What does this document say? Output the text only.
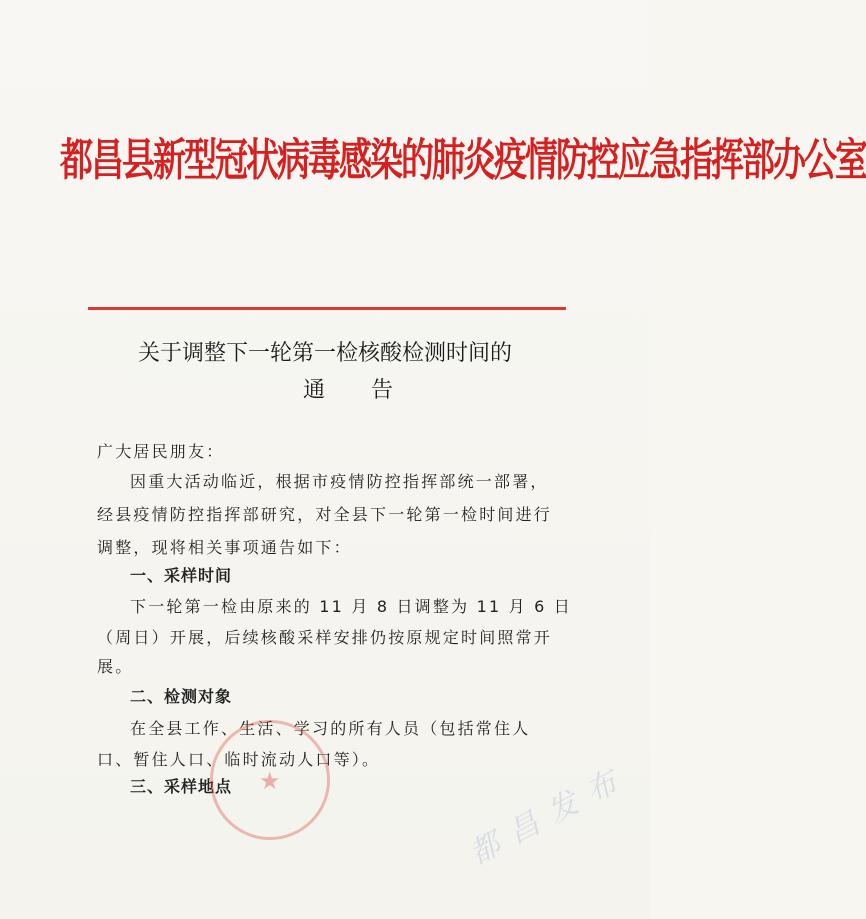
都昌县新型冠状病毒感染的肺炎疫情防控应急指挥部办公室
关于调整下一轮第一检核酸检测时间的
通告
广大居民朋友：
因重大活动临近，根据市疫情防控指挥部统一部署，
经县疫情防控指挥部研究，对全县下一轮第一检时间进行
调整，现将相关事项通告如下：
一、采样时间
下一轮第一检由原来的 11 月 8 日调整为 11 月 6 日
（周日）开展，后续核酸采样安排仍按原规定时间照常开
展。
二、检测对象
在全县工作、生活、学习的所有人员（包括常住人
口、暂住人口、临时流动人口等）。
三、采样地点	★	都昌发布
